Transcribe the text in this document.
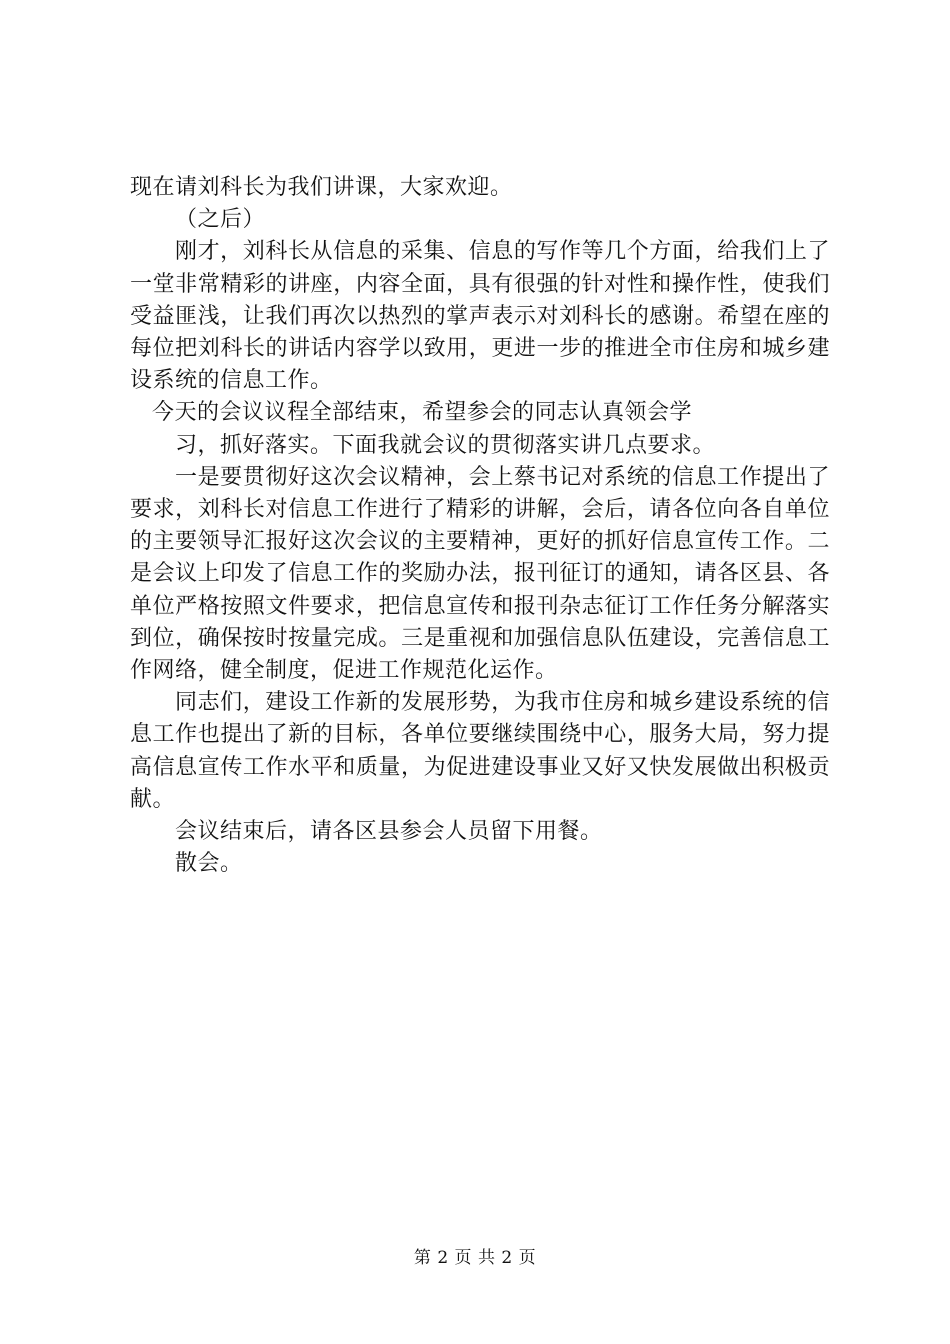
现在请刘科长为我们讲课，大家欢迎。

（之后）

刚才，刘科长从信息的采集、信息的写作等几个方面，给我们上了一堂非常精彩的讲座，内容全面，具有很强的针对性和操作性，使我们受益匪浅，让我们再次以热烈的掌声表示对刘科长的感谢。希望在座的每位把刘科长的讲话内容学以致用，更进一步的推进全市住房和城乡建设系统的信息工作。

今天的会议议程全部结束，希望参会的同志认真领会学

习，抓好落实。下面我就会议的贯彻落实讲几点要求。

一是要贯彻好这次会议精神，会上蔡书记对系统的信息工作提出了要求，刘科长对信息工作进行了精彩的讲解，会后，请各位向各自单位的主要领导汇报好这次会议的主要精神，更好的抓好信息宣传工作。二是会议上印发了信息工作的奖励办法，报刊征订的通知，请各区县、各单位严格按照文件要求，把信息宣传和报刊杂志征订工作任务分解落实到位，确保按时按量完成。三是重视和加强信息队伍建设，完善信息工作网络，健全制度，促进工作规范化运作。

同志们，建设工作新的发展形势，为我市住房和城乡建设系统的信息工作也提出了新的目标，各单位要继续围绕中心，服务大局，努力提高信息宣传工作水平和质量，为促进建设事业又好又快发展做出积极贡献。

会议结束后，请各区县参会人员留下用餐。

散会。

第 2 页 共 2 页
